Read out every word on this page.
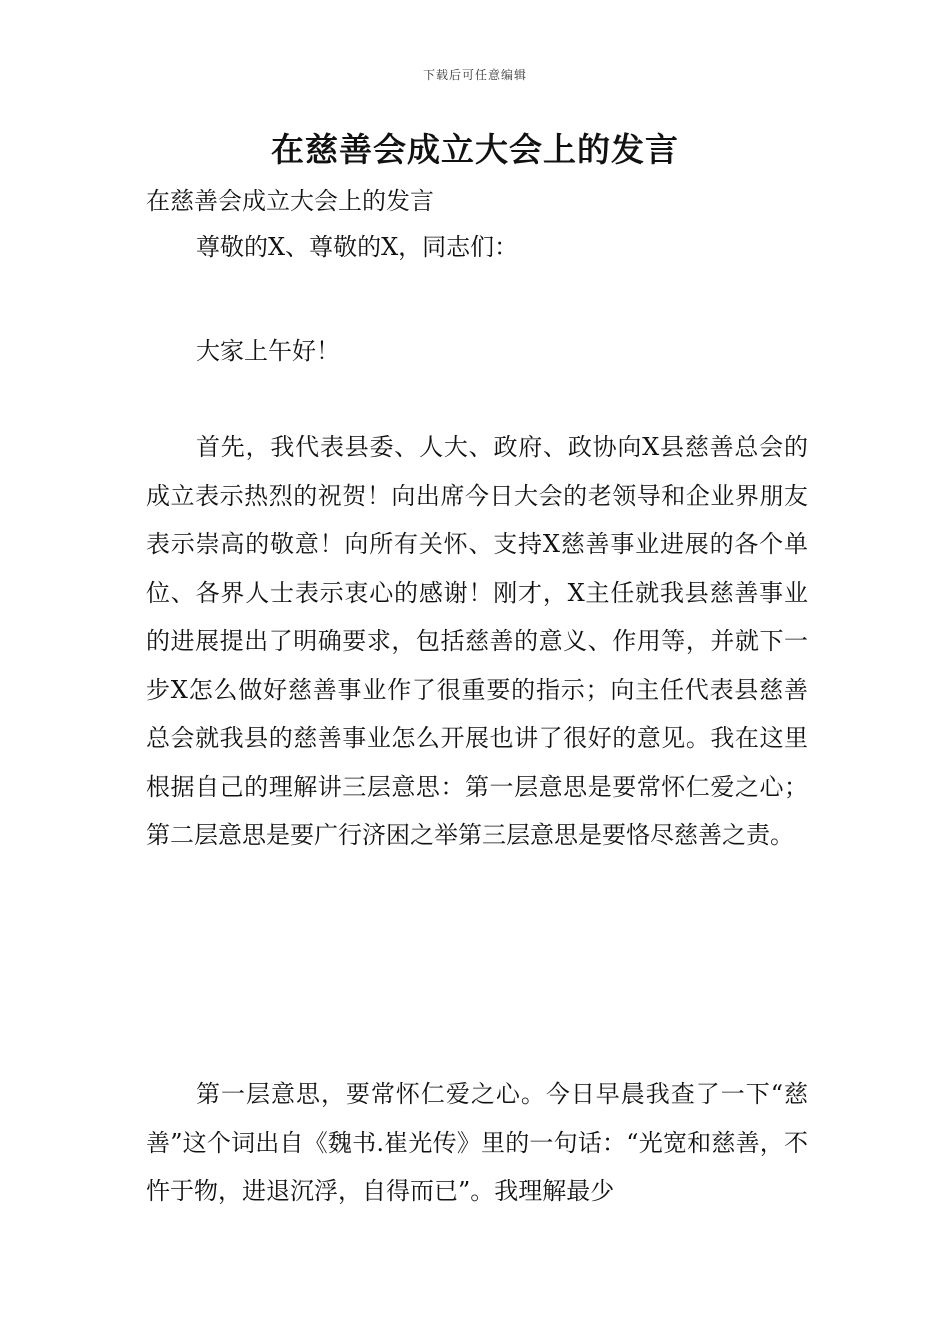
下载后可任意编辑
在慈善会成立大会上的发言

在慈善会成立大会上的发言

尊敬的X、尊敬的X，同志们：

大家上午好！

首先，我代表县委、人大、政府、政协向X县慈善总会的成立表示热烈的祝贺！向出席今日大会的老领导和企业界朋友表示崇高的敬意！向所有关怀、支持X慈善事业进展的各个单位、各界人士表示衷心的感谢！刚才，X主任就我县慈善事业的进展提出了明确要求，包括慈善的意义、作用等，并就下一步X怎么做好慈善事业作了很重要的指示；向主任代表县慈善总会就我县的慈善事业怎么开展也讲了很好的意见。我在这里根据自己的理解讲三层意思：第一层意思是要常怀仁爱之心；第二层意思是要广行济困之举第三层意思是要恪尽慈善之责。

第一层意思，要常怀仁爱之心。今日早晨我查了一下“慈善”这个词出自《魏书.崔光传》里的一句话：“光宽和慈善，不忤于物，进退沉浮，自得而已”。我理解最少
